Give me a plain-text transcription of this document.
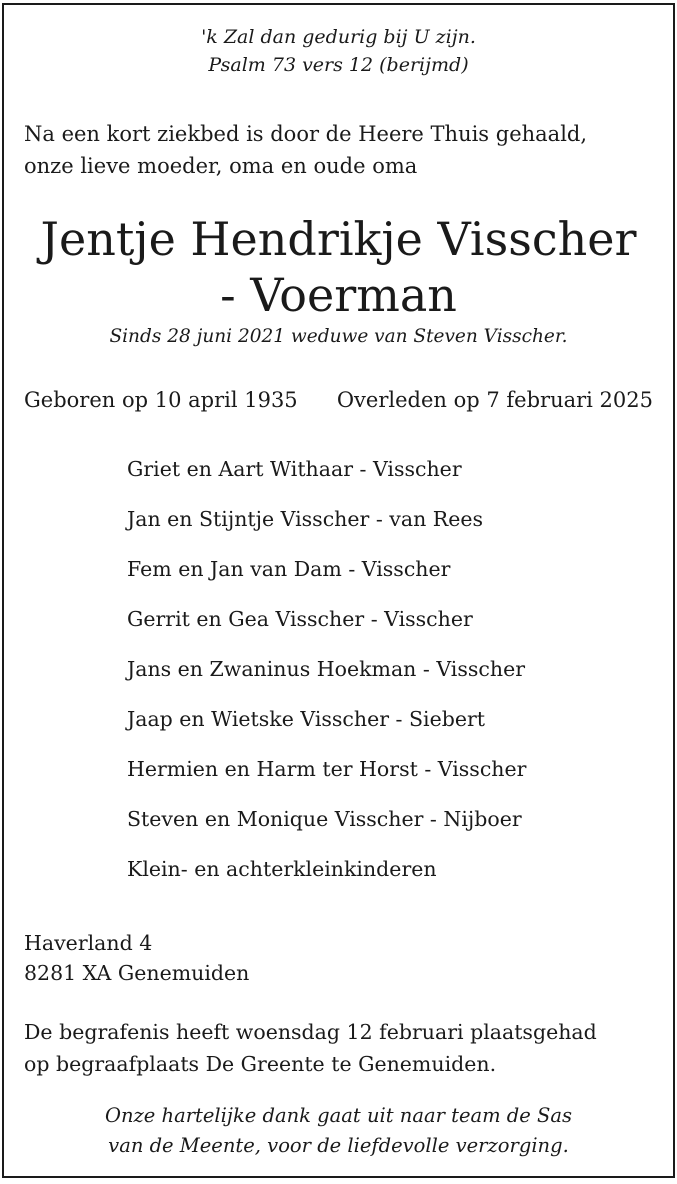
'k Zal dan gedurig bij U zijn.
Psalm 73 vers 12 (berijmd)
Na een kort ziekbed is door de Heere Thuis gehaald,
onze lieve moeder, oma en oude oma
Jentje Hendrikje Visscher
- Voerman
Sinds 28 juni 2021 weduwe van Steven Visscher.
Geboren op 10 april 1935 Overleden op 7 februari 2025
Griet en Aart Withaar - Visscher
Jan en Stijntje Visscher - van Rees
Fem en Jan van Dam - Visscher
Gerrit en Gea Visscher - Visscher
Jans en Zwaninus Hoekman - Visscher
Jaap en Wietske Visscher - Siebert
Hermien en Harm ter Horst - Visscher
Steven en Monique Visscher - Nijboer
Klein- en achterkleinkinderen
Haverland 4
8281 XA Genemuiden
De begrafenis heeft woensdag 12 februari plaatsgehad
op begraafplaats De Greente te Genemuiden.
Onze hartelijke dank gaat uit naar team de Sas
van de Meente, voor de liefdevolle verzorging.
